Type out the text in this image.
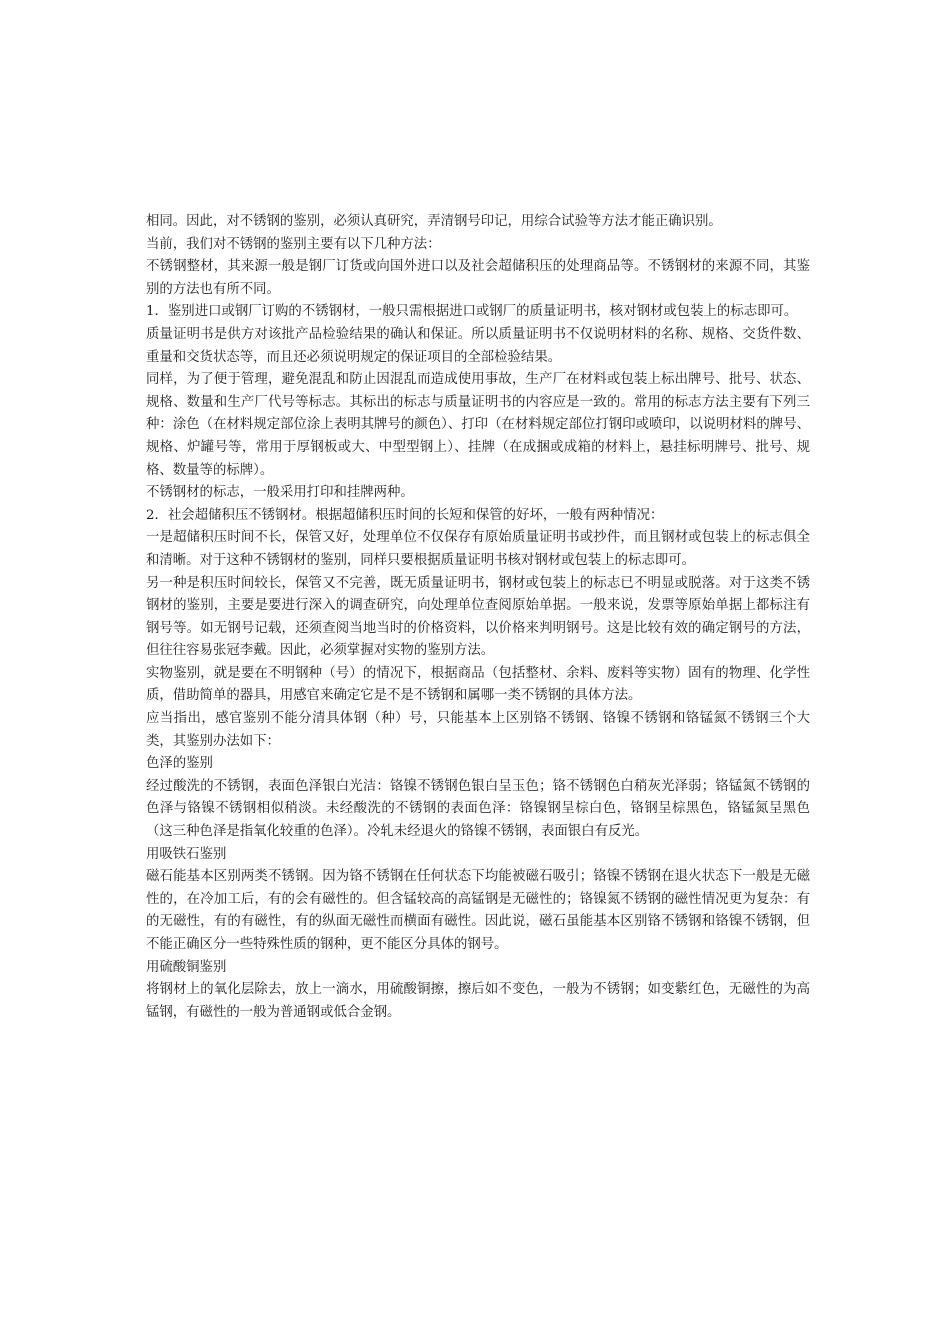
相同。因此，对不锈钢的鉴别，必须认真研究，弄清钢号印记，用综合试验等方法才能正确识别。

当前，我们对不锈钢的鉴别主要有以下几种方法：

不锈钢整材，其来源一般是钢厂订货或向国外进口以及社会超储积压的处理商品等。不锈钢材的来源不同，其鉴别的方法也有所不同。

1．鉴别进口或钢厂订购的不锈钢材，一般只需根据进口或钢厂的质量证明书，核对钢材或包装上的标志即可。

质量证明书是供方对该批产品检验结果的确认和保证。所以质量证明书不仅说明材料的名称、规格、交货件数、重量和交货状态等，而且还必须说明规定的保证项目的全部检验结果。

同样，为了便于管理，避免混乱和防止因混乱而造成使用事故，生产厂在材料或包装上标出牌号、批号、状态、规格、数量和生产厂代号等标志。其标出的标志与质量证明书的内容应是一致的。常用的标志方法主要有下列三种：涂色（在材料规定部位涂上表明其牌号的颜色）、打印（在材料规定部位打钢印或喷印，以说明材料的牌号、规格、炉罐号等，常用于厚钢板或大、中型型钢上）、挂牌（在成捆或成箱的材料上，悬挂标明牌号、批号、规格、数量等的标牌）。

不锈钢材的标志，一般采用打印和挂牌两种。

2．社会超储积压不锈钢材。根据超储积压时间的长短和保管的好坏，一般有两种情况：

一是超储积压时间不长，保管又好，处理单位不仅保存有原始质量证明书或抄件，而且钢材或包装上的标志俱全和清晰。对于这种不锈钢材的鉴别，同样只要根据质量证明书核对钢材或包装上的标志即可。

另一种是积压时间较长，保管又不完善，既无质量证明书，钢材或包装上的标志已不明显或脱落。对于这类不锈钢材的鉴别，主要是要进行深入的调查研究，向处理单位查阅原始单据。一般来说，发票等原始单据上都标注有钢号等。如无钢号记载，还须查阅当地当时的价格资料，以价格来判明钢号。这是比较有效的确定钢号的方法，但往往容易张冠李戴。因此，必须掌握对实物的鉴别方法。

实物鉴别，就是要在不明钢种（号）的情况下，根据商品（包括整材、余料、废料等实物）固有的物理、化学性质，借助简单的器具，用感官来确定它是不是不锈钢和属哪一类不锈钢的具体方法。

应当指出，感官鉴别不能分清具体钢（种）号，只能基本上区别铬不锈钢、铬镍不锈钢和铬锰氮不锈钢三个大类，其鉴别办法如下：

色泽的鉴别

经过酸洗的不锈钢，表面色泽银白光洁：铬镍不锈钢色银白呈玉色；铬不锈钢色白稍灰光泽弱；铬锰氮不锈钢的色泽与铬镍不锈钢相似稍淡。未经酸洗的不锈钢的表面色泽：铬镍钢呈棕白色，铬钢呈棕黑色，铬锰氮呈黑色（这三种色泽是指氧化较重的色泽）。冷轧未经退火的铬镍不锈钢，表面银白有反光。

用吸铁石鉴别

磁石能基本区别两类不锈钢。因为铬不锈钢在任何状态下均能被磁石吸引；铬镍不锈钢在退火状态下一般是无磁性的，在冷加工后，有的会有磁性的。但含锰较高的高锰钢是无磁性的；铬镍氮不锈钢的磁性情况更为复杂：有的无磁性，有的有磁性，有的纵面无磁性而横面有磁性。因此说，磁石虽能基本区别铬不锈钢和铬镍不锈钢，但不能正确区分一些特殊性质的钢种，更不能区分具体的钢号。

用硫酸铜鉴别

将钢材上的氧化层除去，放上一滴水，用硫酸铜擦，擦后如不变色，一般为不锈钢；如变紫红色，无磁性的为高锰钢，有磁性的一般为普通钢或低合金钢。
